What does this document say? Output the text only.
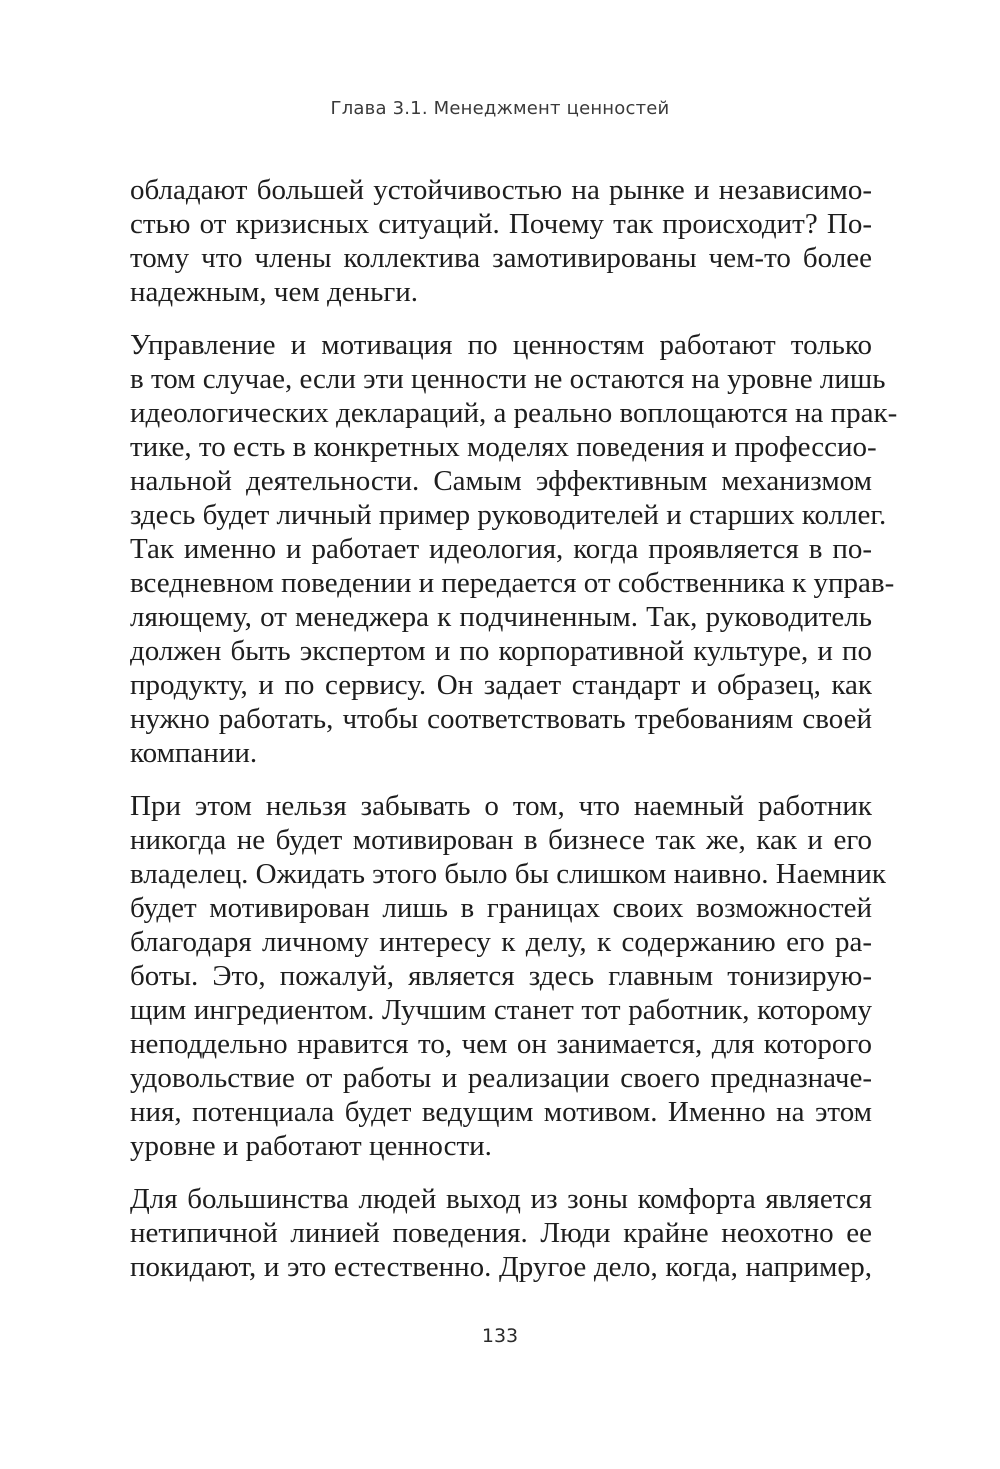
Глава 3.1. Менеджмент ценностей

обладают большей устойчивостью на рынке и независимо-
стью от кризисных ситуаций. Почему так происходит? По-
тому что члены коллектива замотивированы чем-то более
надежным, чем деньги.

Управление и мотивация по ценностям работают только
в том случае, если эти ценности не остаются на уровне лишь
идеологических деклараций, а реально воплощаются на прак-
тике, то есть в конкретных моделях поведения и профессио-
нальной деятельности. Самым эффективным механизмом
здесь будет личный пример руководителей и старших коллег.
Так именно и работает идеология, когда проявляется в по-
вседневном поведении и передается от собственника к управ-
ляющему, от менеджера к подчиненным. Так, руководитель
должен быть экспертом и по корпоративной культуре, и по
продукту, и по сервису. Он задает стандарт и образец, как
нужно работать, чтобы соответствовать требованиям своей
компании.

При этом нельзя забывать о том, что наемный работник
никогда не будет мотивирован в бизнесе так же, как и его
владелец. Ожидать этого было бы слишком наивно. Наемник
будет мотивирован лишь в границах своих возможностей
благодаря личному интересу к делу, к содержанию его ра-
боты. Это, пожалуй, является здесь главным тонизирую-
щим ингредиентом. Лучшим станет тот работник, которому
неподдельно нравится то, чем он занимается, для которого
удовольствие от работы и реализации своего предназначе-
ния, потенциала будет ведущим мотивом. Именно на этом
уровне и работают ценности.

Для большинства людей выход из зоны комфорта является
нетипичной линией поведения. Люди крайне неохотно ее
покидают, и это естественно. Другое дело, когда, например,

133
